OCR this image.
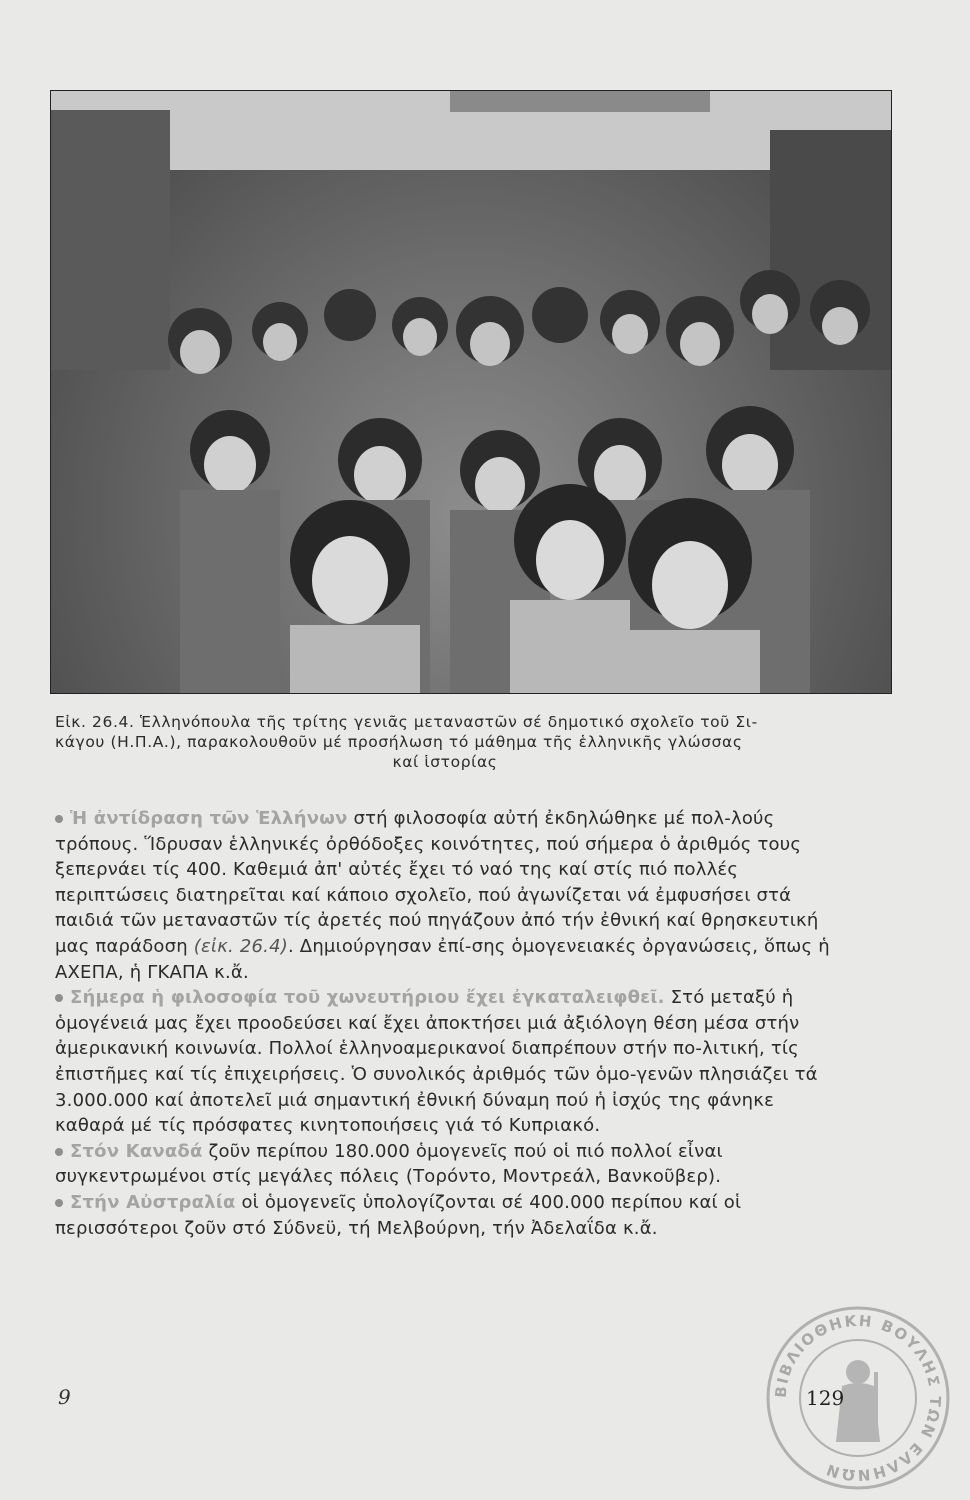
Εἰκ. 26.4. Ἑλληνόπουλα τῆς τρίτης γενιᾶς μεταναστῶν σέ δημοτικό σχολεῖο τοῦ Σι-
κάγου (Η.Π.Α.), παρακολουθοῦν μέ προσήλωση τό μάθημα τῆς ἑλληνικῆς γλώσσας

καί ἱστορίας

Ἡ ἀντίδραση τῶν Ἑλλήνων στή φιλοσοφία αὐτή ἐκδηλώθηκε μέ πολ-λούς τρόπους. Ἵδρυσαν ἑλληνικές ὀρθόδοξες κοινότητες, πού σήμερα ὁ ἀριθμός τους ξεπερνάει τίς 400. Καθεμιά ἀπ' αὐτές ἔχει τό ναό της καί στίς πιό πολλές περιπτώσεις διατηρεῖται καί κάποιο σχολεῖο, πού ἀγωνίζεται νά ἐμφυσήσει στά παιδιά τῶν μεταναστῶν τίς ἀρετές πού πηγάζουν ἀπό τήν ἐθνική καί θρησκευτική μας παράδοση (εἰκ. 26.4). Δημιούργησαν ἐπί-σης ὁμογενειακές ὀργανώσεις, ὅπως ἡ ΑΧΕΠΑ, ἡ ΓΚΑΠΑ κ.ἄ.

Σήμερα ἡ φιλοσοφία τοῦ χωνευτήριου ἔχει ἐγκαταλειφθεῖ. Στό μεταξύ ἡ ὁμογένειά μας ἔχει προοδεύσει καί ἔχει ἀποκτήσει μιά ἀξιόλογη θέση μέσα στήν ἀμερικανική κοινωνία. Πολλοί ἑλληνοαμερικανοί διαπρέπουν στήν πο-λιτική, τίς ἐπιστῆμες καί τίς ἐπιχειρήσεις. Ὁ συνολικός ἀριθμός τῶν ὁμο-γενῶν πλησιάζει τά 3.000.000 καί ἀποτελεῖ μιά σημαντική ἐθνική δύναμη πού ἡ ἰσχύς της φάνηκε καθαρά μέ τίς πρόσφατες κινητοποιήσεις γιά τό Κυπριακό.

Στόν Καναδά ζοῦν περίπου 180.000 ὁμογενεῖς πού οἱ πιό πολλοί εἶναι συγκεντρωμένοι στίς μεγάλες πόλεις (Τορόντο, Μοντρεάλ, Βανκοῦβερ).

Στήν Αὐστραλία οἱ ὁμογενεῖς ὑπολογίζονται σέ 400.000 περίπου καί οἱ περισσότεροι ζοῦν στό Σύδνεϋ, τή Μελβούρνη, τήν Ἀδελαΐδα κ.ἄ.

9	ΒΙΒΛΙΟΘΗΚΗ ΒΟΥΛΗΣ ΤΩΝ ΕΛΛΗΝΩΝ
129
